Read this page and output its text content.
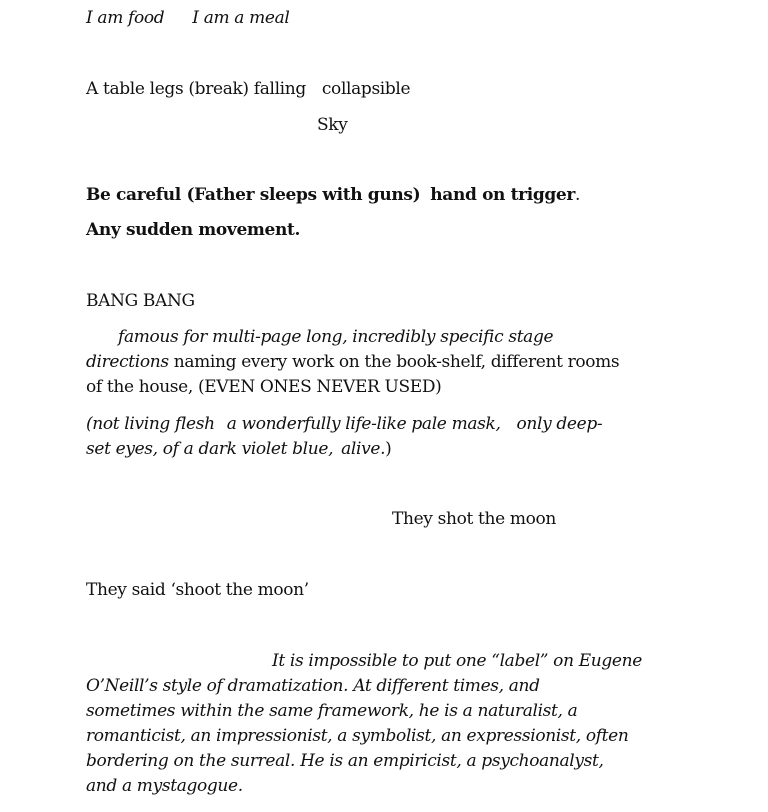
I am food I am a meal
A table legs (break) falling collapsible
Sky
Be careful (Father sleeps with guns) hand on trigger.
Any sudden movement.
BANG BANG
famous for multi-page long, incredibly specific stage
directions naming every work on the book-shelf, different rooms
of the house, (EVEN ONES NEVER USED)
(not living flesh a wonderfully life-like pale mask, only deep-
set eyes, of a dark violet blue, alive.)
They shot the moon
They said ‘shoot the moon’
It is impossible to put one “label” on Eugene
O’Neill’s style of dramatization. At different times, and
sometimes within the same framework, he is a naturalist, a
romanticist, an impressionist, a symbolist, an expressionist, often
bordering on the surreal. He is an empiricist, a psychoanalyst,
and a mystagogue.
